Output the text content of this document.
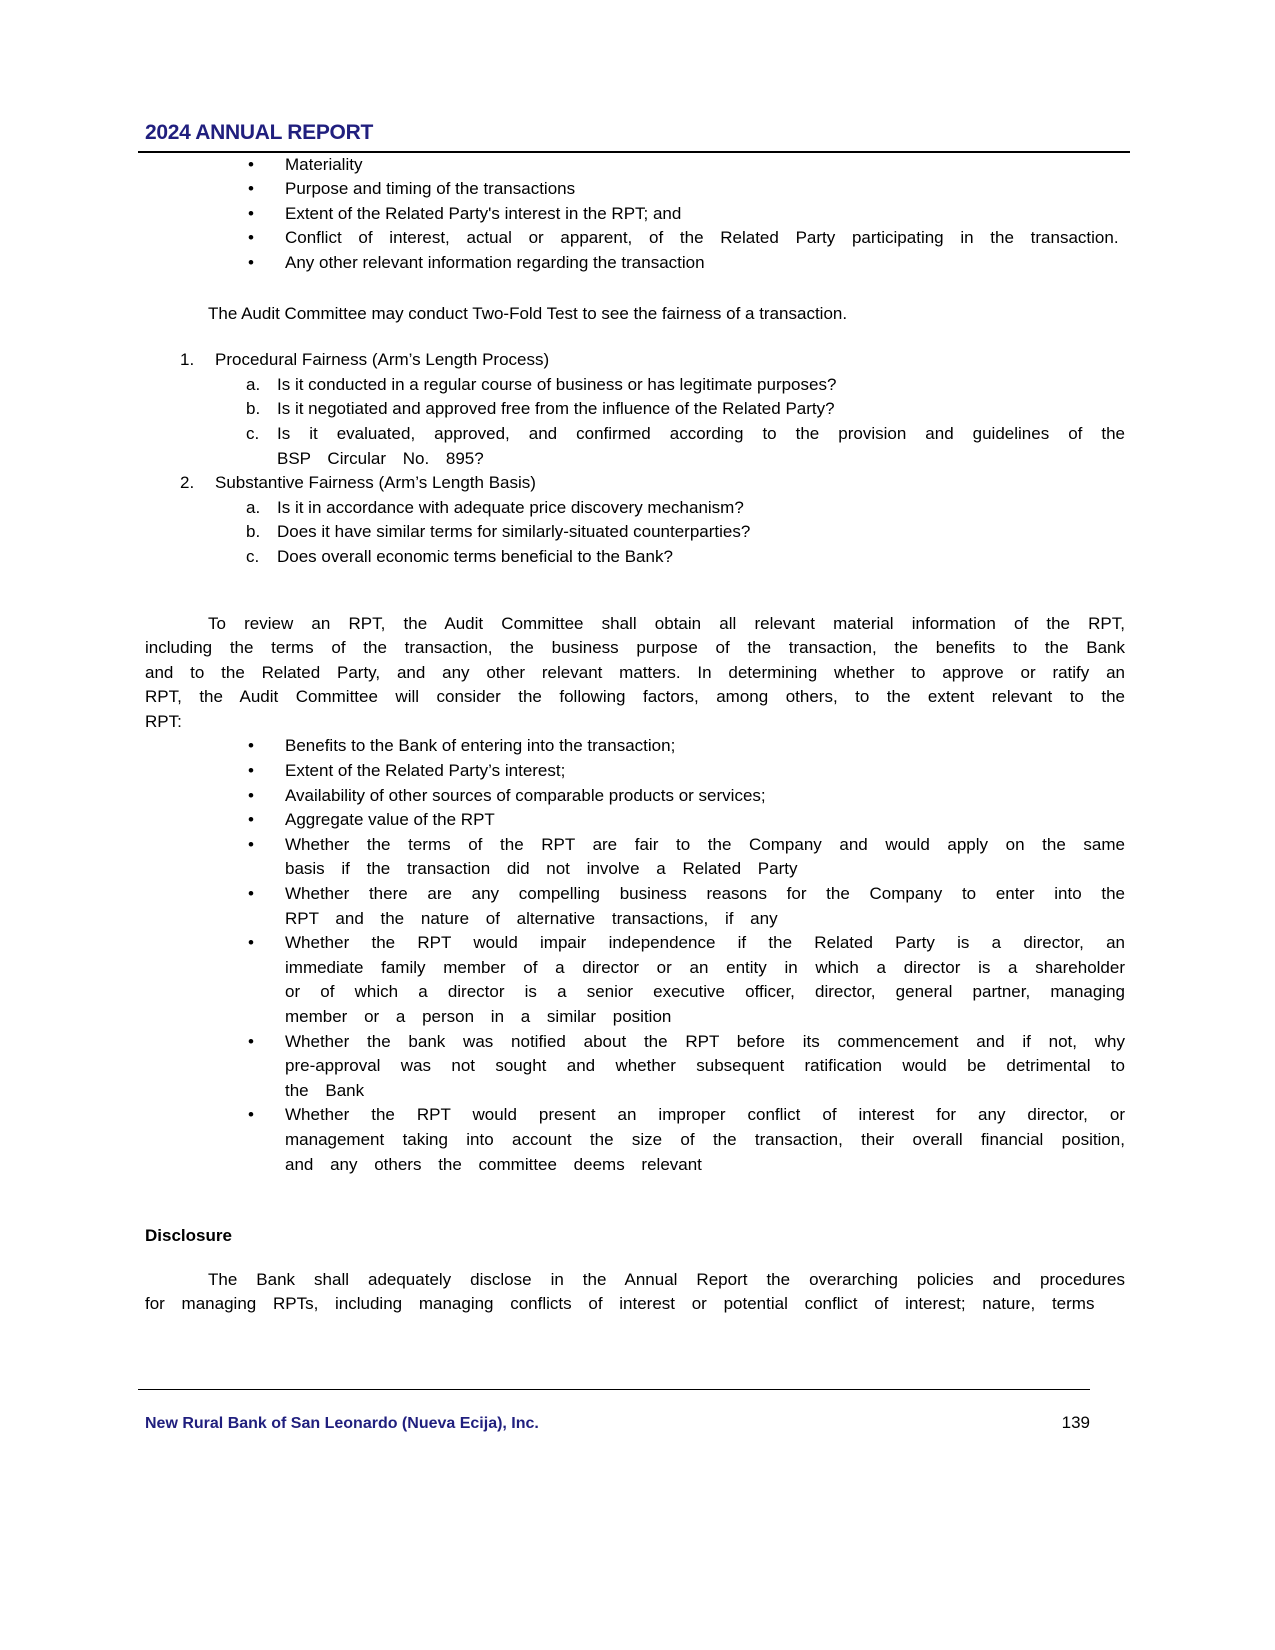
2024 ANNUAL REPORT
• Materiality
• Purpose and timing of the transactions
• Extent of the Related Party's interest in the RPT; and
• Conflict of interest, actual or apparent, of the Related Party participating in the transaction.
• Any other relevant information regarding the transaction

The Audit Committee may conduct Two-Fold Test to see the fairness of a transaction.

1.	Procedural Fairness (Arm’s Length Process)
a. Is it conducted in a regular course of business or has legitimate purposes?
b. Is it negotiated and approved free from the influence of the Related Party?
c. Is it evaluated, approved, and confirmed according to the provision and guidelines of the BSP Circular No. 895?
2.	Substantive Fairness (Arm’s Length Basis)
a. Is it in accordance with adequate price discovery mechanism?
b. Does it have similar terms for similarly-situated counterparties?
c. Does overall economic terms beneficial to the Bank?

To review an RPT, the Audit Committee shall obtain all relevant material information of the RPT, including the terms of the transaction, the business purpose of the transaction, the benefits to the Bank and to the Related Party, and any other relevant matters. In determining whether to approve or ratify an RPT, the Audit Committee will consider the following factors, among others, to the extent relevant to the RPT:

• Benefits to the Bank of entering into the transaction;
• Extent of the Related Party’s interest;
• Availability of other sources of comparable products or services;
• Aggregate value of the RPT
• Whether the terms of the RPT are fair to the Company and would apply on the same basis if the transaction did not involve a Related Party
• Whether there are any compelling business reasons for the Company to enter into the RPT and the nature of alternative transactions, if any
• Whether the RPT would impair independence if the Related Party is a director, an immediate family member of a director or an entity in which a director is a shareholder or of which a director is a senior executive officer, director, general partner, managing member or a person in a similar position
• Whether the bank was notified about the RPT before its commencement and if not, why pre-approval was not sought and whether subsequent ratification would be detrimental to the Bank
• Whether the RPT would present an improper conflict of interest for any director, or management taking into account the size of the transaction, their overall financial position, and any others the committee deems relevant
Disclosure

The Bank shall adequately disclose in the Annual Report the overarching policies and procedures for managing RPTs, including managing conflicts of interest or potential conflict of interest; nature, terms

New Rural Bank of San Leonardo (Nueva Ecija), Inc.	139
